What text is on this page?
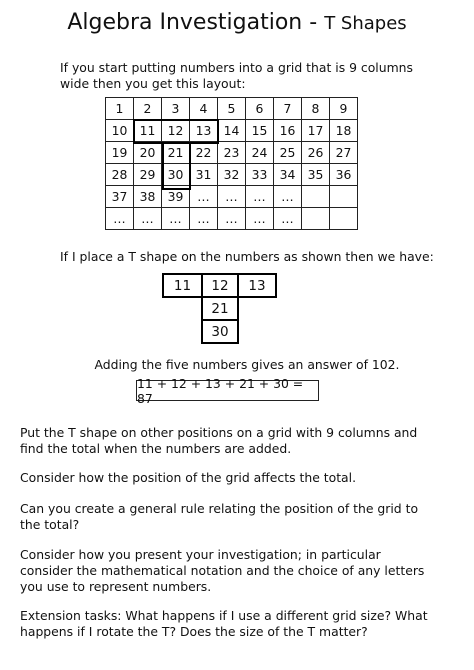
Algebra Investigation - T Shapes
If you start putting numbers into a grid that is 9 columns wide then you get this layout:
1	2	3	4	5	6	7	8	9
10	11	12	13	14	15	16	17	18
19	20	21	22	23	24	25	26	27
28	29	30	31	32	33	34	35	36
37	38	39	…	…	…	…		
…	…	…	…	…	…	…		
If I place a T shape on the numbers as shown then we have:
11	12	13
21
30
Adding the five numbers gives an answer of 102.
11 + 12 + 13 + 21 + 30 = 87
Put the T shape on other positions on a grid with 9 columns and find the total when the numbers are added.
Consider how the position of the grid affects the total.
Can you create a general rule relating the position of the grid to the total?
Consider how you present your investigation; in particular consider the mathematical notation and the choice of any letters you use to represent numbers.
Extension tasks: What happens if I use a different grid size? What happens if I rotate the T? Does the size of the T matter?
